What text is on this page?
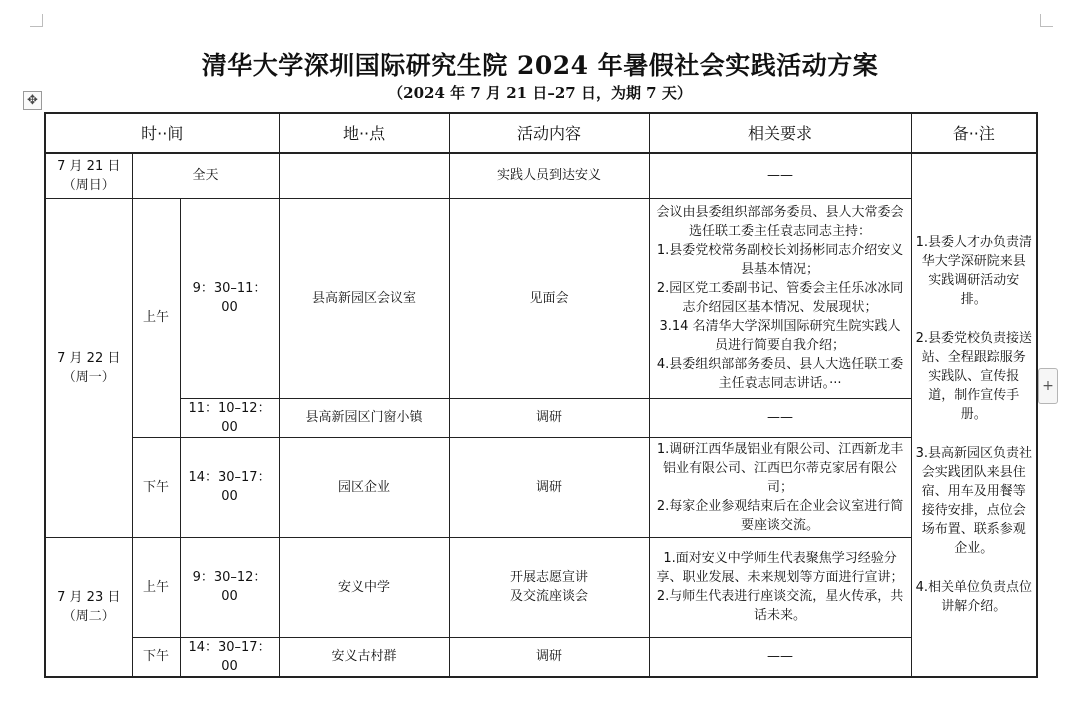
✥
+
清华大学深圳国际研究生院 2024 年暑假社会实践活动方案
（2024 年 7 月 21 日–27 日，为期 7 天）
时··间			地··点	活动内容	相关要求	备··注

7 月 21 日
（周日）	全天			实践人员到达安义	——	1.县委人才办负责清华大学深研院来县实践调研活动安排。
2.县委党校负责接送站、全程跟踪服务实践队、宣传报道，制作宣传手册。
3.县高新园区负责社会实践团队来县住宿、用车及用餐等接待安排，点位会场布置、联系参观企业。
4.相关单位负责点位讲解介绍。

7 月 22 日
（周一）	上午	9：30–11：00	县高新园区会议室	见面会	会议由县委组织部部务委员、县人大常委会选任联工委主任袁志同志主持：
1.县委党校常务副校长刘扬彬同志介绍安义县基本情况；
2.园区党工委副书记、管委会主任乐冰冰同志介绍园区基本情况、发展现状；
3.14 名清华大学深圳国际研究生院实践人员进行简要自我介绍；
4.县委组织部部务委员、县人大选任联工委主任袁志同志讲话。···	

		11：10–12：00	县高新园区门窗小镇	调研	——	
	下午	14：30–17：00	园区企业	调研	1.调研江西华晟铝业有限公司、江西新龙丰铝业有限公司、江西巴尔蒂克家居有限公司；
2.每家企业参观结束后在企业会议室进行简要座谈交流。	

7 月 23 日
（周二）	上午	9：30–12：00	安义中学	开展志愿宣讲
及交流座谈会	1.面对安义中学师生代表聚焦学习经验分享、职业发展、未来规划等方面进行宣讲；
2.与师生代表进行座谈交流，星火传承，共话未来。	

	下午	14：30–17：00	安义古村群	调研	——	
